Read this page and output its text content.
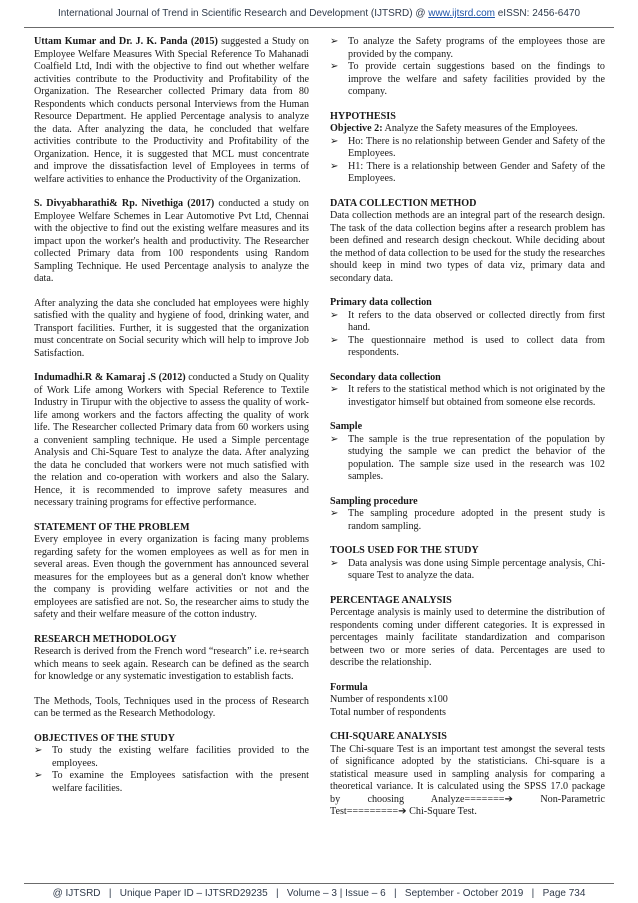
International Journal of Trend in Scientific Research and Development (IJTSRD) @ www.ijtsrd.com eISSN: 2456-6470

Uttam Kumar and Dr. J. K. Panda (2015) suggested a Study on Employee Welfare Measures With Special Reference To Mahanadi Coalfield Ltd, Indi with the objective to find out whether welfare activities contribute to the Productivity and Profitability of the Organization. The Researcher collected Primary data from 80 Respondents which conducts personal Interviews from the Human Resource Department. He applied Percentage analysis to analyze the data. After analyzing the data, he concluded that welfare activities contribute to the Productivity and Profitability of the Organization. Hence, it is suggested that MCL must concentrate and improve the dissatisfaction level of Employees in terms of welfare activities to enhance the Productivity of the Organization.

S. Divyabharathi& Rp. Nivethiga (2017) conducted a study on Employee Welfare Schemes in Lear Automotive Pvt Ltd, Chennai with the objective to find out the existing welfare measures and its impact upon the worker's health and productivity. The Researcher collected Primary data from 100 respondents using Random Sampling Technique. He used Percentage analysis to analyze the data.

After analyzing the data she concluded hat employees were highly satisfied with the quality and hygiene of food, drinking water, and Transport facilities. Further, it is suggested that the organization must concentrate on Social security which will help to improve Job Satisfaction.

Indumadhi.R & Kamaraj .S (2012) conducted a Study on Quality of Work Life among Workers with Special Reference to Textile Industry in Tirupur with the objective to assess the quality of work-life among workers and the factors affecting the quality of work life. The Researcher collected Primary data from 60 workers using a convenient sampling technique. He used a Simple percentage Analysis and Chi-Square Test to analyze the data. After analyzing the data he concluded that workers were not much satisfied with the relation and co-operation with workers and also the Salary. Hence, it is recommended to improve safety measures and necessary training programs for effective performance.

STATEMENT OF THE PROBLEM

Every employee in every organization is facing many problems regarding safety for the women employees as well as for men in several areas. Even though the government has announced several measures for the employees but as a general don't know whether the company is providing welfare activities or not and the employees are satisfied are not. So, the researcher aims to study the safety and their welfare measure of the cotton industry.

RESEARCH METHODOLOGY

Research is derived from the French word “research” i.e. re+search which means to seek again. Research can be defined as the search for knowledge or any systematic investigation to establish facts.

The Methods, Tools, Techniques used in the process of Research can be termed as the Research Methodology.

OBJECTIVES OF THE STUDY
➢ To study the existing welfare facilities provided to the employees.
➢ To examine the Employees satisfaction with the present welfare facilities.
➢ To analyze the Safety programs of the employees those are provided by the company.
➢ To provide certain suggestions based on the findings to improve the welfare and safety facilities provided by the company.
HYPOTHESIS
Objective 2: Analyze the Safety measures of the Employees.
➢ Ho: There is no relationship between Gender and Safety of the Employees.
➢ H1: There is a relationship between Gender and Safety of the Employees.
DATA COLLECTION METHOD

Data collection methods are an integral part of the research design. The task of the data collection begins after a research problem has been defined and research design checkout. While deciding about the method of data collection to be used for the study the researches should keep in mind two types of data viz, primary data and secondary data.

Primary data collection
➢ It refers to the data observed or collected directly from first hand.
➢ The questionnaire method is used to collect data from respondents.
Secondary data collection
➢ It refers to the statistical method which is not originated by the investigator himself but obtained from someone else records.
Sample
➢ The sample is the true representation of the population by studying the sample we can predict the behavior of the population. The sample size used in the research was 102 samples.
Sampling procedure
➢ The sampling procedure adopted in the present study is random sampling.
TOOLS USED FOR THE STUDY
➢ Data analysis was done using Simple percentage analysis, Chi-square Test to analyze the data.
PERCENTAGE ANALYSIS

Percentage analysis is mainly used to determine the distribution of respondents coming under different categories. It is expressed in percentages mainly facilitate standardization and comparison between two or more series of data. Percentages are used to describe the relationship.

Formula
Number of respondents x100

Total number of respondents

CHI-SQUARE ANALYSIS

The Chi-square Test is an important test amongst the several tests of significance adopted by the statisticians. Chi-square is a statistical measure used in sampling analysis for comparing a theoretical variance. It is calculated using the SPSS 17.0 package by choosing Analyze=======➔ Non-Parametric Test=========➔ Chi-Square Test.

@ IJTSRD   |   Unique Paper ID – IJTSRD29235   |   Volume – 3 | Issue – 6   |   September - October 2019   |   Page 734
